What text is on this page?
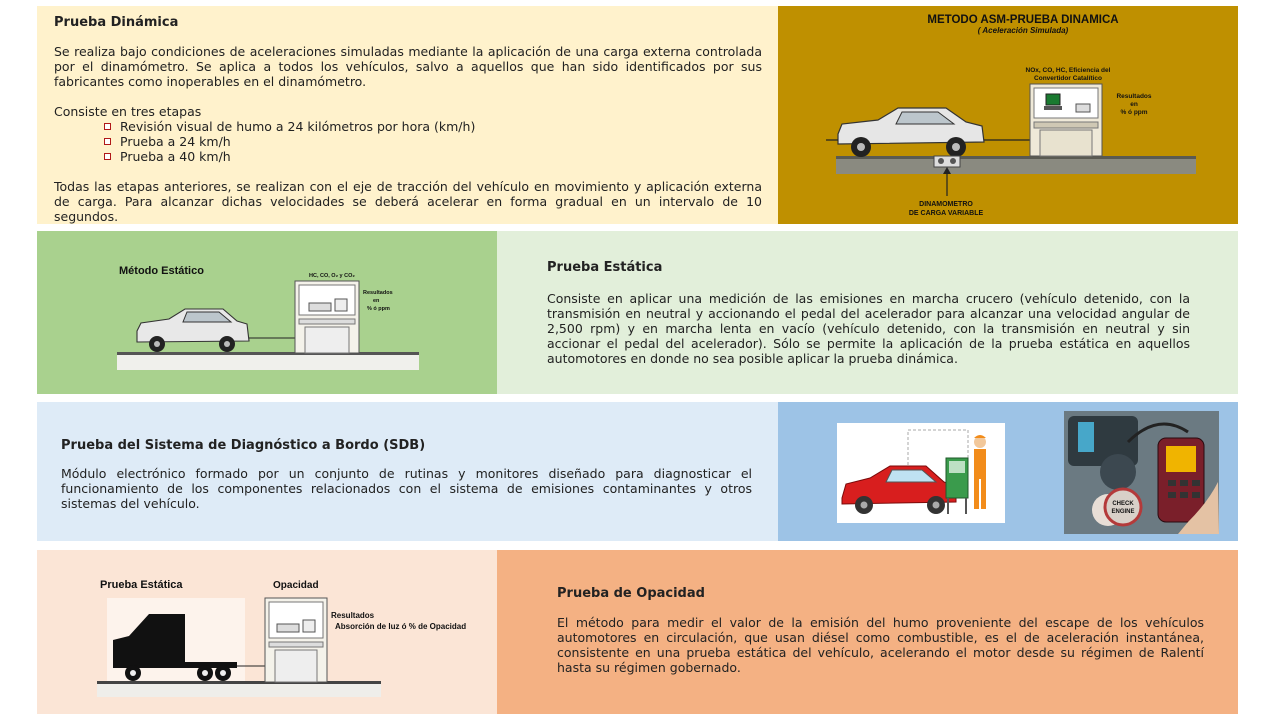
Prueba Dinámica

Se realiza bajo condiciones de aceleraciones simuladas mediante la aplicación de una carga externa controlada por el dinamómetro. Se aplica a todos los vehículos, salvo a aquellos que han sido identificados por sus fabricantes como inoperables en el dinamómetro.

Consiste en tres etapas

Revisión visual de humo a 24 kilómetros por hora (km/h)
Prueba a 24 km/h
Prueba a 40 km/h

Todas las etapas anteriores, se realizan con el eje de tracción del vehículo en movimiento y aplicación externa de carga. Para alcanzar dichas velocidades se deberá acelerar en forma gradual en un intervalo de 10 segundos.

METODO ASM-PRUEBA DINAMICA
( Aceleración Simulada)
DINAMOMETRO
DE CARGA VARIABLE
NOx, CO, HC, Eficiencia del
Convertidor Catalítico
Resultados
en
% ó ppm
Método Estático	HC, CO, O₂ y CO₂
Resultados
en
% ó ppm

Prueba Estática

Consiste en aplicar una medición de las emisiones en marcha crucero (vehículo detenido, con la transmisión en neutral y accionando el pedal del acelerador para alcanzar una velocidad angular de 2,500 rpm) y en marcha lenta en vacío (vehículo detenido, con la transmisión en neutral y sin accionar el pedal del acelerador). Sólo se permite la aplicación de la prueba estática en aquellos automotores en donde no sea posible aplicar la prueba dinámica.

Prueba del Sistema de Diagnóstico a Bordo (SDB)

Módulo electrónico formado por un conjunto de rutinas y monitores diseñado para diagnosticar el funcionamiento de los componentes relacionados con el sistema de emisiones contaminantes y otros sistemas del vehículo.	CHECK
ENGINE
Prueba Estática	Opacidad
Resultados
Absorción de luz ó % de Opacidad

Prueba de Opacidad

El método para medir el valor de la emisión del humo proveniente del escape de los vehículos automotores en circulación, que usan diésel como combustible, es el de aceleración instantánea, consistente en una prueba estática del vehículo, acelerando el motor desde su régimen de Ralentí hasta su régimen gobernado.
